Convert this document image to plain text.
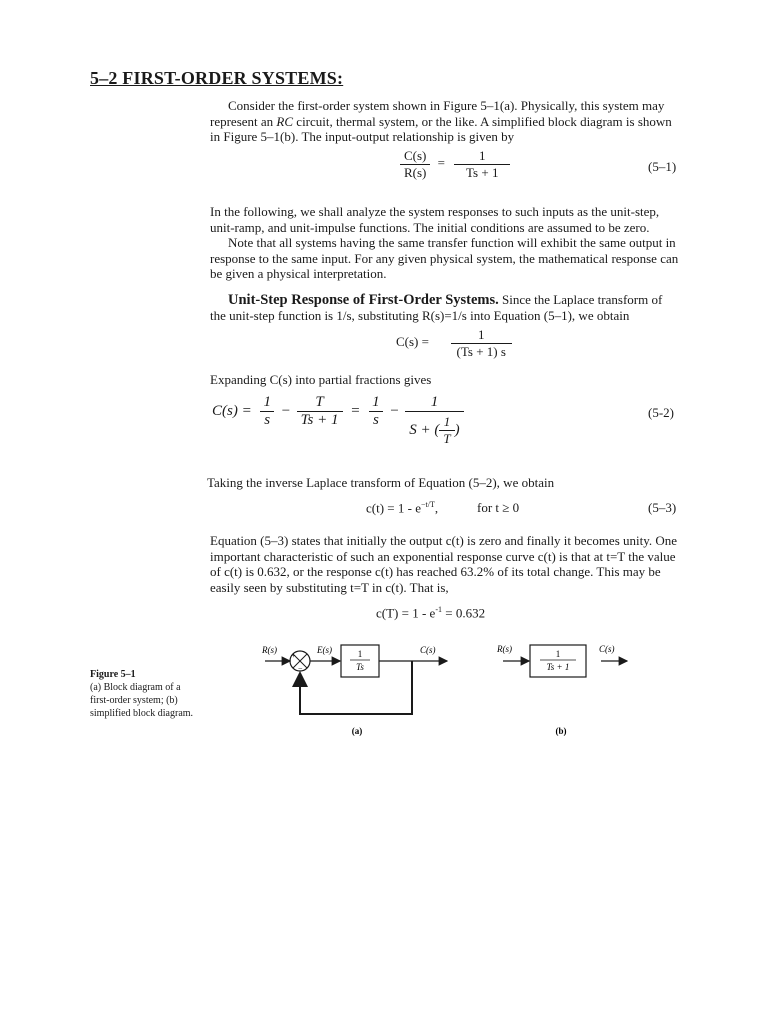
5–2 FIRST-ORDER SYSTEMS:
Consider the first-order system shown in Figure 5–1(a). Physically, this system may represent an RC circuit, thermal system, or the like. A simplified block diagram is shown in Figure 5–1(b). The input-output relationship is given by
$\frac{C(s)}{R(s)} = \frac{1}{Ts + 1}$	(5–1)
In the following, we shall analyze the system responses to such inputs as the unit-step, unit-ramp, and unit-impulse functions. The initial conditions are assumed to be zero.
Note that all systems having the same transfer function will exhibit the same output in response to the same input. For any given physical system, the mathematical response can be given a physical interpretation.
Unit-Step Response of First-Order Systems. Since the Laplace transform of the unit-step function is 1/s, substituting R(s)=1/s into Equation (5–1), we obtain
$C(s) = \frac{1}{(Ts + 1) s}$
Expanding C(s) into partial fractions gives
$C(s) = \frac{1}{s} - \frac{T}{Ts + 1} = \frac{1}{s} - \frac{1}{S + ( \frac{1}{T} )}$	(5-2)
Taking the inverse Laplace transform of Equation (5–2), we obtain
$c(t) = 1 - e^{-t/T}$,	for t ≥ 0	(5–3)
Equation (5–3) states that initially the output c(t) is zero and finally it becomes unity. One important characteristic of such an exponential response curve c(t) is that at t=T the value of c(t) is 0.632, or the response c(t) has reached 63.2% of its total change. This may be easily seen by substituting t=T in c(t). That is,
$c(T) = 1 - e^{-1} = 0.632$
Figure 5–1
(a) Block diagram of a first-order system; (b) simplified block diagram.
R(s)
+
−
E(s)	1
Ts
C(s)
(a)
R(s)	1
Ts + 1
C(s)
(b)
